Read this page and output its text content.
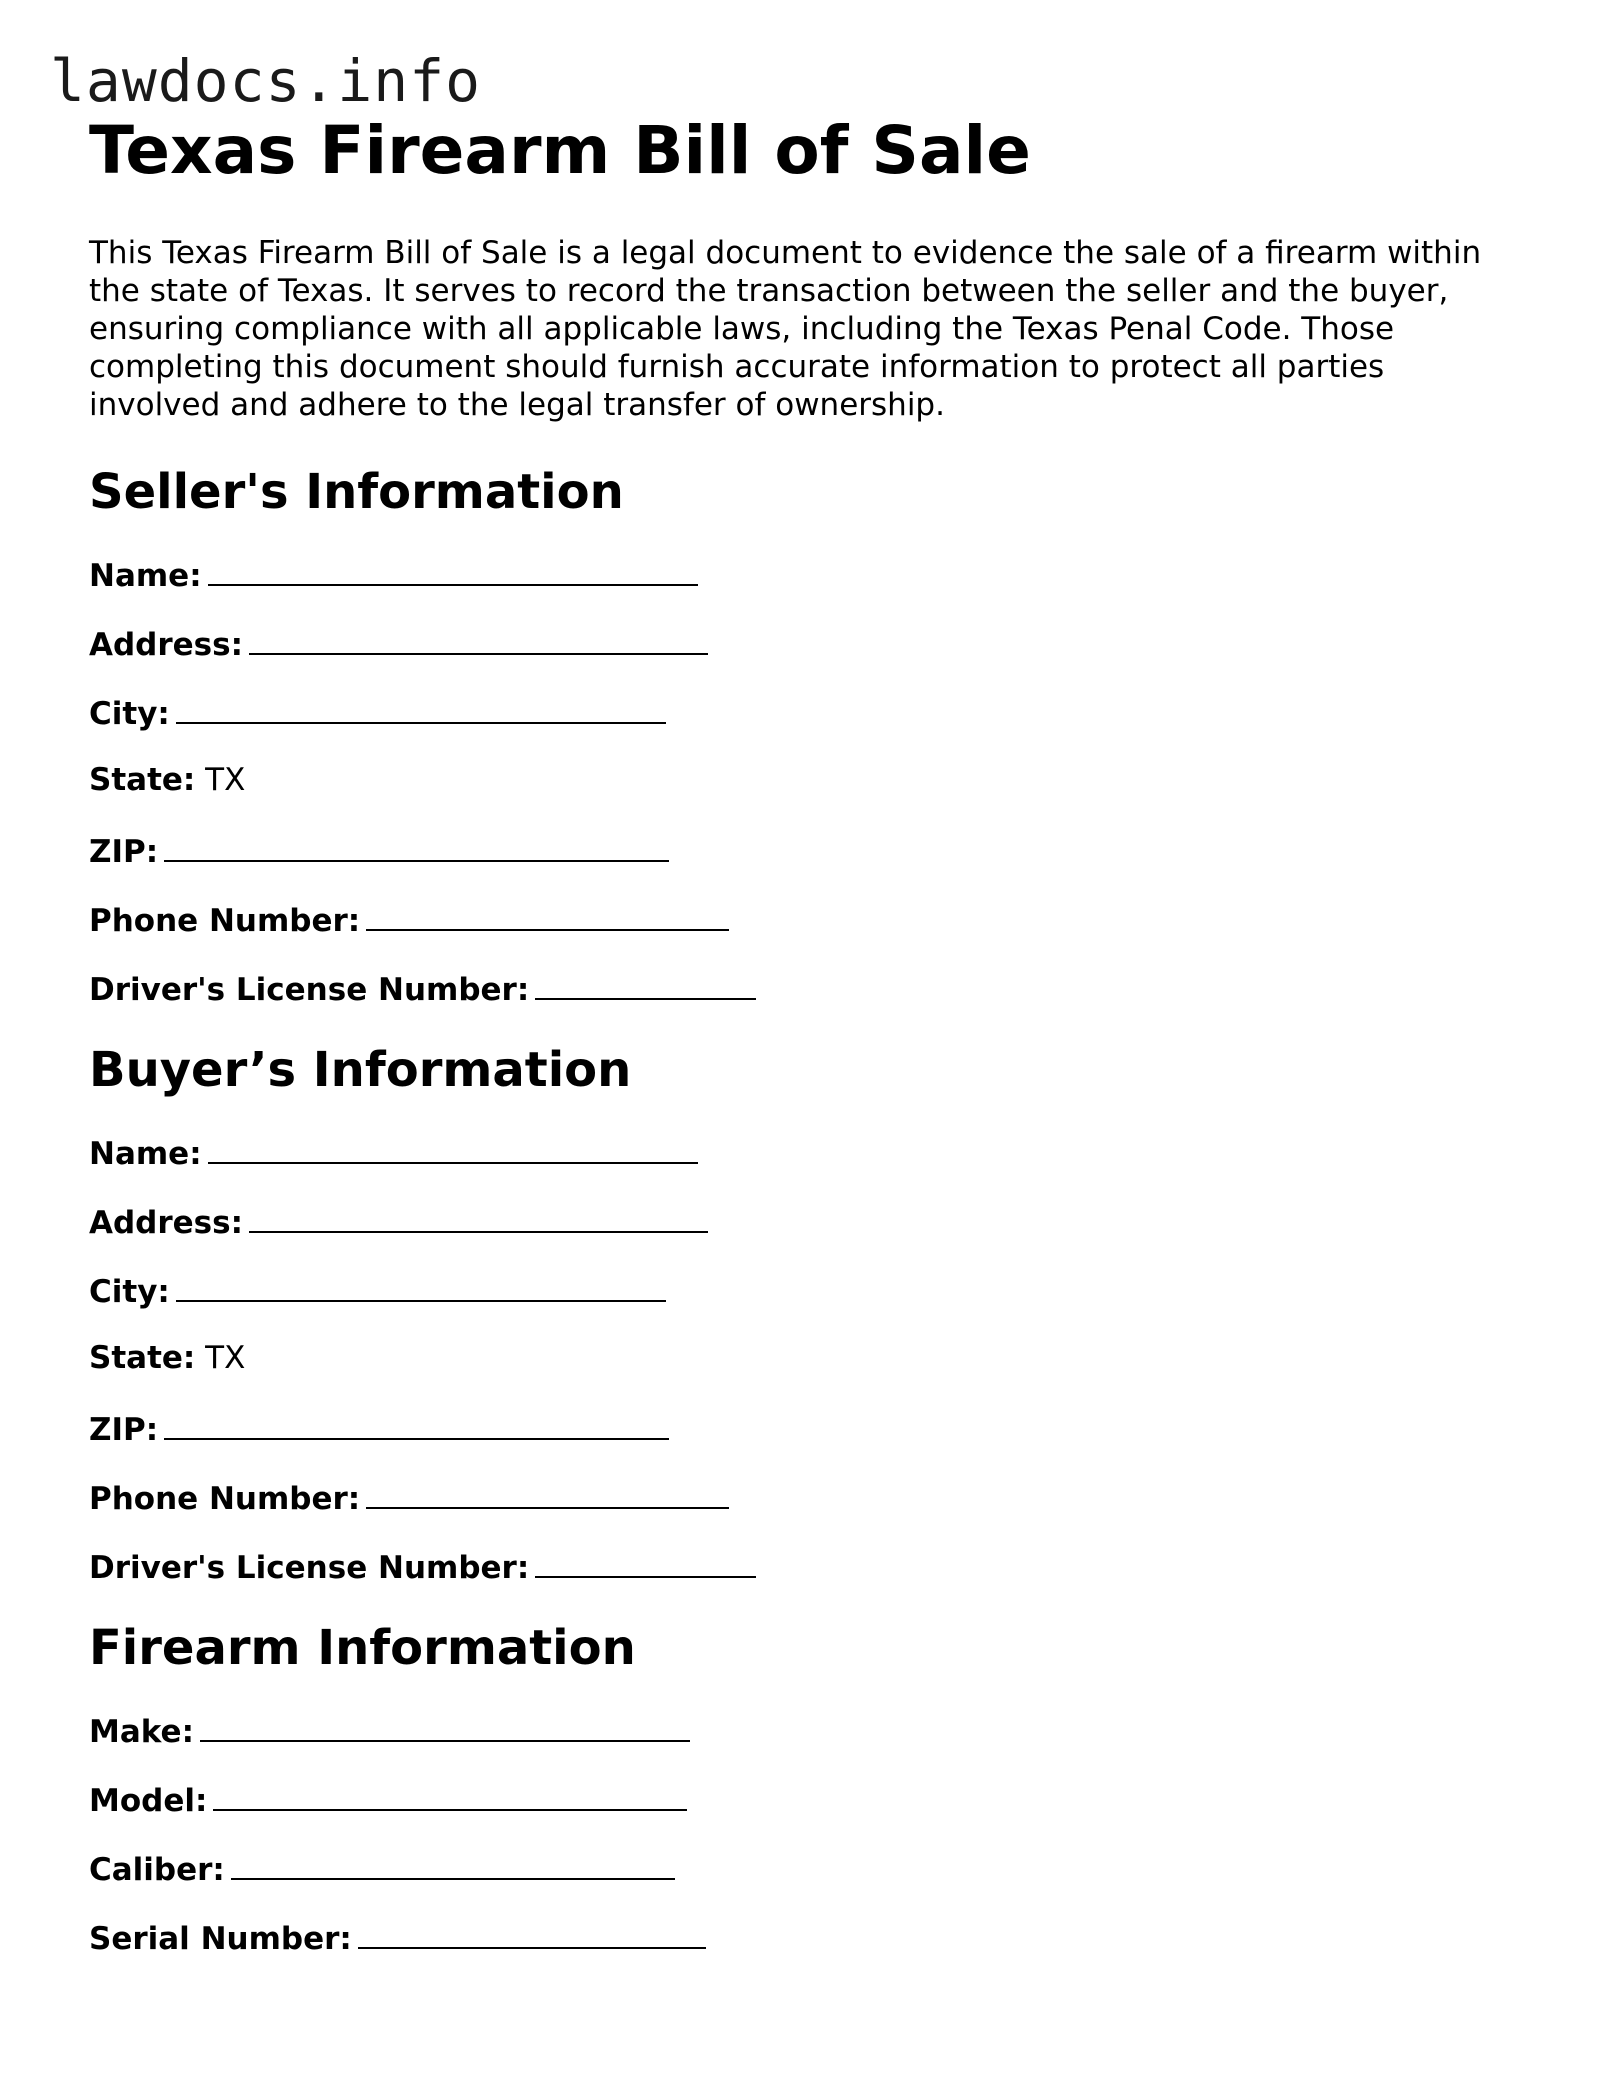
lawdocs.info
Texas Firearm Bill of Sale

This Texas Firearm Bill of Sale is a legal document to evidence the sale of a firearm within the state of Texas. It serves to record the transaction between the seller and the buyer, ensuring compliance with all applicable laws, including the Texas Penal Code. Those completing this document should furnish accurate information to protect all parties involved and adhere to the legal transfer of ownership.

Seller's Information
Name:
Address:
City:
State: TX
ZIP:
Phone Number:
Driver's License Number:
Buyer’s Information
Name:
Address:
City:
State: TX
ZIP:
Phone Number:
Driver's License Number:
Firearm Information
Make:
Model:
Caliber:
Serial Number:
